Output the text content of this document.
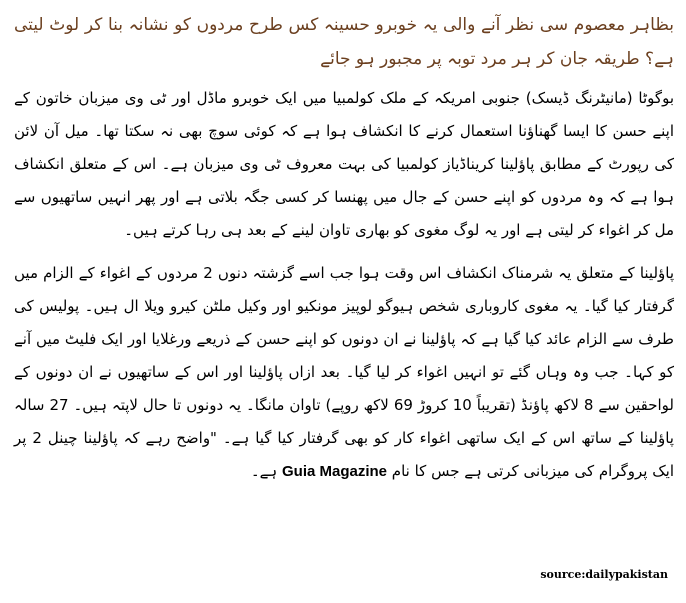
بظاہر معصوم سی نظر آنے والی یہ خوبرو حسینہ کس طرح مردوں کو نشانہ بنا کر لوٹ لیتی ہے؟ طریقہ جان کر ہر مرد توبہ پر مجبور ہو جائے

بوگوٹا (مانیٹرنگ ڈیسک) جنوبی امریکہ کے ملک کولمبیا میں ایک خوبرو ماڈل اور ٹی وی میزبان خاتون کے اپنے حسن کا ایسا گھناؤنا استعمال کرنے کا انکشاف ہوا ہے کہ کوئی سوچ بھی نہ سکتا تھا۔ میل آن لائن کی رپورٹ کے مطابق پاؤلینا کریناڈیاز کولمبیا کی بہت معروف ٹی وی میزبان ہے۔ اس کے متعلق انکشاف ہوا ہے کہ وہ مردوں کو اپنے حسن کے جال میں پھنسا کر کسی جگہ بلاتی ہے اور پھر انہیں ساتھیوں سے مل کر اغواء کر لیتی ہے اور یہ لوگ مغوی کو بھاری تاوان لینے کے بعد ہی رہا کرتے ہیں۔

پاؤلینا کے متعلق یہ شرمناک انکشاف اس وقت ہوا جب اسے گزشتہ دنوں 2 مردوں کے اغواء کے الزام میں گرفتار کیا گیا۔ یہ مغوی کاروباری شخص ہیوگو لوپیز مونکیو اور وکیل ملٹن کیرو ویلا ال ہیں۔ پولیس کی طرف سے الزام عائد کیا گیا ہے کہ پاؤلینا نے ان دونوں کو اپنے حسن کے ذریعے ورغلایا اور ایک فلیٹ میں آنے کو کہا۔ جب وہ وہاں گئے تو انہیں اغواء کر لیا گیا۔ بعد ازاں پاؤلینا اور اس کے ساتھیوں نے ان دونوں کے لواحقین سے 8 لاکھ پاؤنڈ (تقریباً 10 کروڑ 69 لاکھ روپے) تاوان مانگا۔ یہ دونوں تا حال لاپتہ ہیں۔ 27 سالہ پاؤلینا کے ساتھ اس کے ایک ساتھی اغواء کار کو بھی گرفتار کیا گیا ہے۔ "واضح رہے کہ پاؤلینا چینل 2 پر ایک پروگرام کی میزبانی کرتی ہے جس کا نام Guia Magazine ہے۔

source:dailypakistan
